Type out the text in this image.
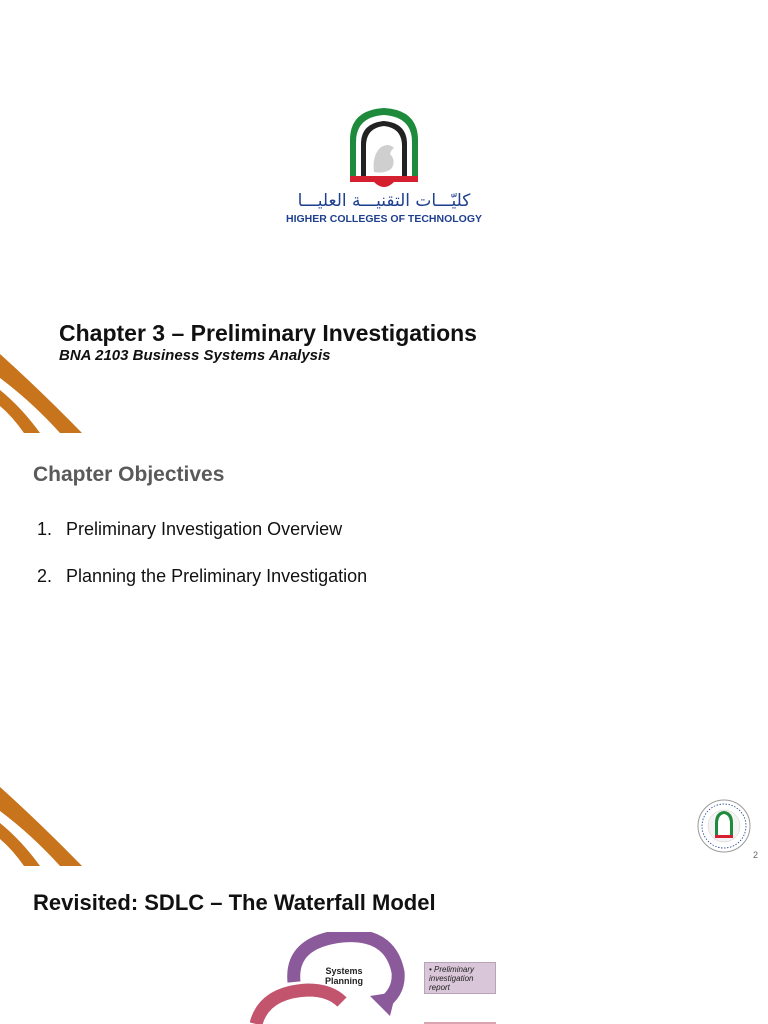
كليّـــات التقنيـــة العليـــا
HIGHER COLLEGES OF TECHNOLOGY
Chapter 3 – Preliminary Investigations
BNA 2103 Business Systems Analysis
Chapter Objectives
1. Preliminary Investigation Overview
2. Planning the Preliminary Investigation
2
Revisited: SDLC – The Waterfall Model
Systems Planning
• Preliminary investigation report
